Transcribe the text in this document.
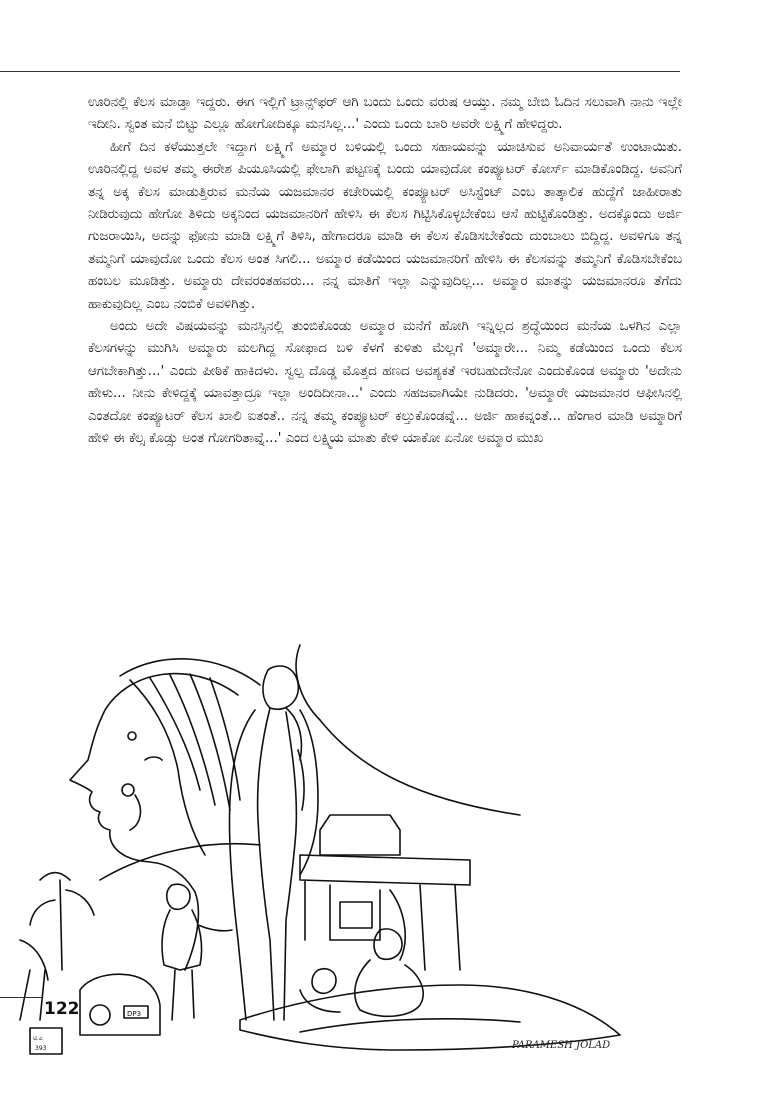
ಊರಿನಲ್ಲಿ ಕೆಲಸ ಮಾಡ್ತಾ ಇದ್ದರು. ಈಗ ಇಲ್ಲಿಗೆ ಟ್ರಾನ್ಸ್‌ಫರ್ ಆಗಿ ಬಂದು ಒಂದು ವರುಷ ಆಯ್ತು. ನಮ್ಮ ಬೇಬಿ ಓದಿನ ಸಲುವಾಗಿ ನಾನು ಇಲ್ಲೇ ಇದೀನಿ. ಸ್ವಂತ ಮನೆ ಬಿಟ್ಟು ಎಲ್ಲೂ ಹೋಗೋದಿಕ್ಕೂ ಮನಸಿಲ್ಲ...' ಎಂದು ಒಂದು ಬಾರಿ ಅವರೇ ಲಕ್ಷ್ಮಿಗೆ ಹೇಳಿದ್ದರು.

ಹೀಗೆ ದಿನ ಕಳೆಯುತ್ತಲೇ ಇದ್ದಾಗ ಲಕ್ಷ್ಮಿಗೆ ಅಮ್ಮಾರ ಬಳಿಯಲ್ಲಿ ಒಂದು ಸಹಾಯವನ್ನು ಯಾಚಿಸುವ ಅನಿವಾರ್ಯತೆ ಉಂಟಾಯಿತು. ಊರಿನಲ್ಲಿದ್ದ ಅವಳ ತಮ್ಮ ಈರೇಶ ಪಿಯೂಸಿಯಲ್ಲಿ ಫೇಲಾಗಿ ಪಟ್ಟಣಕ್ಕೆ ಬಂದು ಯಾವುದೋ ಕಂಪ್ಯೂಟರ್ ಕೋರ್ಸ್ ಮಾಡಿಕೊಂಡಿದ್ದ. ಅವನಿಗೆ ತನ್ನ ಅಕ್ಕ ಕೆಲಸ ಮಾಡುತ್ತಿರುವ ಮನೆಯ ಯಜಮಾನರ ಕಚೇರಿಯಲ್ಲಿ ಕಂಪ್ಯೂಟರ್ ಅಸಿಸ್ಟೆಂಟ್ ಎಂಬ ತಾತ್ಕಾಲಿಕ ಹುದ್ದೆಗೆ ಜಾಹೀರಾತು ನೀಡಿರುವುದು ಹೇಗೋ ತಿಳಿದು ಅಕ್ಕನಿಂದ ಯಜಮಾನರಿಗೆ ಹೇಳಿಸಿ ಈ ಕೆಲಸ ಗಿಟ್ಟಿಸಿಕೊಳ್ಳಬೇಕೆಂಬ ಆಸೆ ಹುಟ್ಟಿಕೊಂಡಿತ್ತು. ಅದಕ್ಕೊಂದು ಅರ್ಜಿ ಗುಜರಾಯಿಸಿ, ಅದನ್ನು ಫೋನು ಮಾಡಿ ಲಕ್ಷ್ಮಿಗೆ ತಿಳಿಸಿ, ಹೇಗಾದರೂ ಮಾಡಿ ಈ ಕೆಲಸ ಕೊಡಿಸಬೇಕೆಂದು ದುಂಬಾಲು ಬಿದ್ದಿದ್ದ. ಅವಳಿಗೂ ತನ್ನ ತಮ್ಮನಿಗೆ ಯಾವುದೋ ಒಂದು ಕೆಲಸ ಅಂತ ಸಿಗಲಿ... ಅಮ್ಮಾರ ಕಡೆಯಿಂದ ಯಜಮಾನರಿಗೆ ಹೇಳಿಸಿ ಈ ಕೆಲಸವನ್ನು ತಮ್ಮನಿಗೆ ಕೊಡಿಸಬೇಕೆಂಬ ಹಂಬಲ ಮೂಡಿತ್ತು. ಅಮ್ಮಾರು ದೇವರಂತಹವರು... ನನ್ನ ಮಾತಿಗೆ ಇಲ್ಲಾ ಎನ್ನುವುದಿಲ್ಲ... ಅಮ್ಮಾರ ಮಾತನ್ನು ಯಜಮಾನರೂ ತೆಗೆದು ಹಾಕುವುದಿಲ್ಲ ಎಂಬ ನಂಬಿಕೆ ಅವಳಿಗಿತ್ತು.

ಅಂದು ಅದೇ ವಿಷಯವನ್ನು ಮನಸ್ಸಿನಲ್ಲಿ ತುಂಬಿಕೊಂಡು ಅಮ್ಮಾರ ಮನೆಗೆ ಹೋಗಿ ಇನ್ನಿಲ್ಲದ ಶ್ರದ್ಧೆಯಿಂದ ಮನೆಯ ಒಳಗಿನ ಎಲ್ಲಾ ಕೆಲಸಗಳನ್ನು ಮುಗಿಸಿ ಅಮ್ಮಾರು ಮಲಗಿದ್ದ ಸೋಫಾದ ಬಳಿ ಕೆಳಗೆ ಕುಳಿತು ಮೆಲ್ಲಗೆ 'ಅಮ್ಮಾರೇ... ನಿಮ್ಮ ಕಡೆಯಿಂದ ಒಂದು ಕೆಲಸ ಆಗಬೇಕಾಗಿತ್ತು...' ಎಂದು ಪೀಠಿಕೆ ಹಾಕಿದಳು. ಸ್ವಲ್ಪ ದೊಡ್ಡ ಮೊತ್ತದ ಹಣದ ಅವಶ್ಯಕತೆ ಇರಬಹುದೇನೋ ಎಂದುಕೊಂಡ ಅಮ್ಮಾರು 'ಅದೇನು ಹೇಳು... ನೀನು ಕೇಳಿದ್ದಕ್ಕೆ ಯಾವತ್ತಾದ್ರೂ ಇಲ್ಲಾ ಅಂದಿದೀನಾ...' ಎಂದು ಸಹಜವಾಗಿಯೇ ನುಡಿದರು. 'ಅಮ್ಮಾರೇ ಯಜಮಾನರ ಆಫೀಸಿನಲ್ಲಿ ಎಂತದೋ ಕಂಪ್ಯೂಟರ್ ಕೆಲಸ ಖಾಲಿ ಐತಂತೆ.. ನನ್ನ ತಮ್ಮ ಕಂಪ್ಯೂಟರ್ ಕಲ್ತುಕೊಂಡವ್ನೆ... ಅರ್ಜಿ ಹಾಕವ್ನಂತೆ... ಹೆಂಗಾರ ಮಾಡಿ ಅಮ್ಮಾರಿಗೆ ಹೇಳಿ ಈ ಕೆಲ್ಸ ಕೊಡ್ಸು ಅಂತ ಗೋಗರಿತಾವ್ನೆ...' ಎಂದ ಲಕ್ಷ್ಮಿಯ ಮಾತು ಕೇಳಿ ಯಾಕೋ ಏನೋ ಅಮ್ಮಾರ ಮುಖ

DP3
ಟಿ.ಎ
393
122
PARAMESH JOLAD
